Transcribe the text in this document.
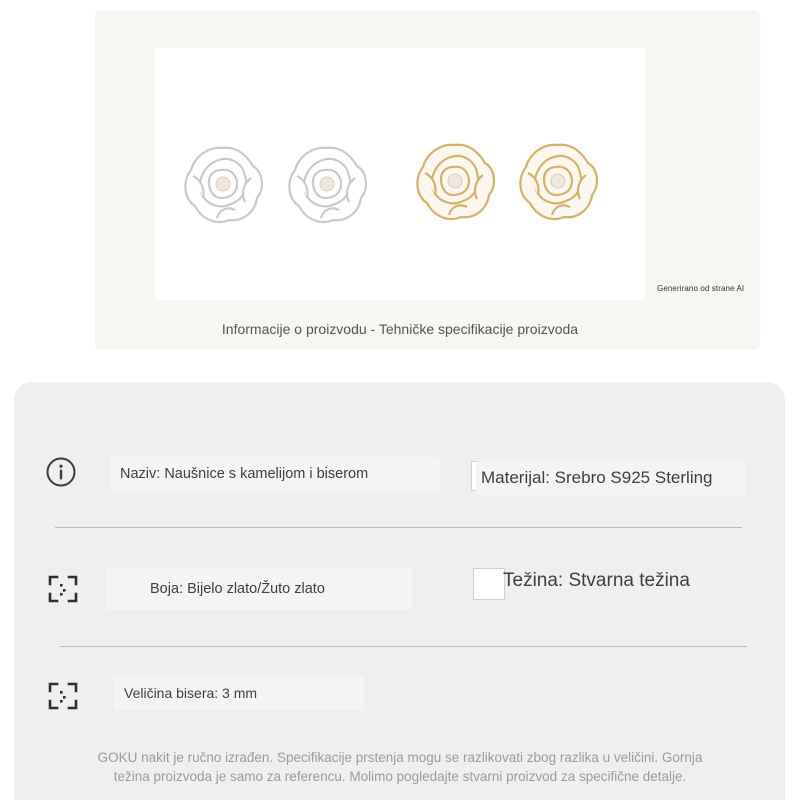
Generirano od strane AI
Informacije o proizvodu - Tehničke specifikacije proizvoda
Naziv: Naušnice s kamelijom i biserom	Materijal: Srebro S925 Sterling
Boja: Bijelo zlato/Žuto zlato	Težina: Stvarna težina
Veličina bisera: 3 mm
GOKU nakit je ručno izrađen. Specifikacije prstenja mogu se razlikovati zbog razlika u veličini. Gornja
težina proizvoda je samo za referencu. Molimo pogledajte stvarni proizvod za specifične detalje.
